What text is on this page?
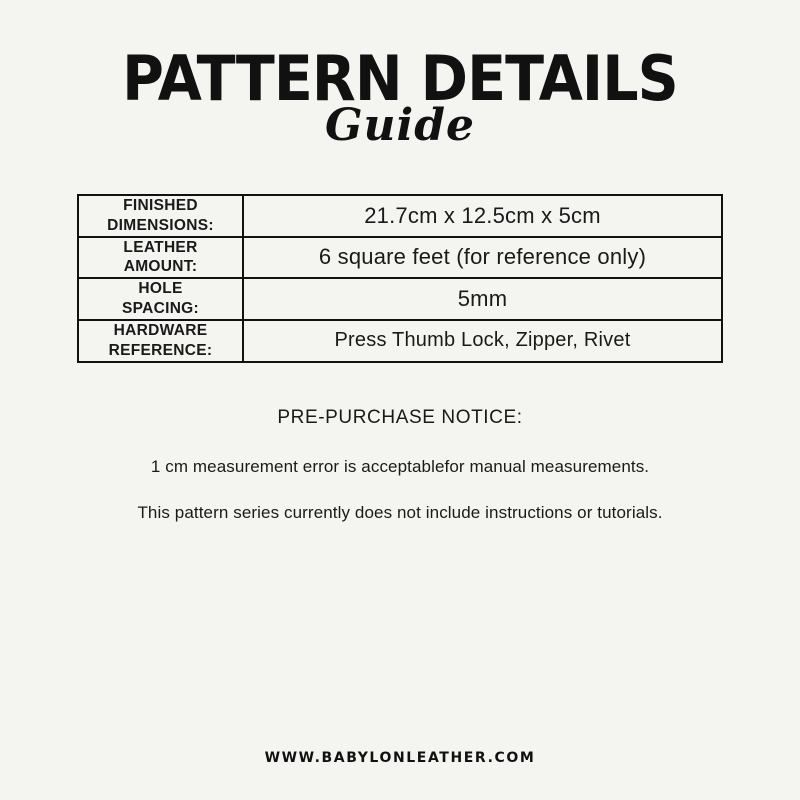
PATTERN DETAILS
Guide
FINISHED
DIMENSIONS:	21.7cm x 12.5cm x 5cm
LEATHER
AMOUNT:	6 square feet (for reference only)
HOLE
SPACING:	5mm
HARDWARE
REFERENCE:	Press Thumb Lock, Zipper, Rivet
PRE-PURCHASE NOTICE:
1 cm measurement error is acceptablefor manual measurements.
This pattern series currently does not include instructions or tutorials.
WWW.BABYLONLEATHER.COM
